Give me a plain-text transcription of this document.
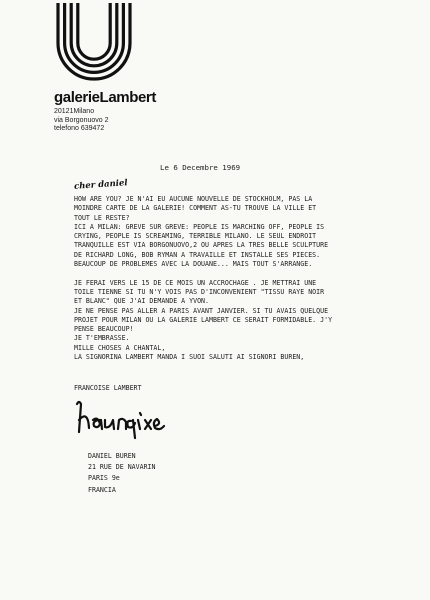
galerieLambert
20121Milano
via Borgonuovo 2
telefono 639472
Le 6 Decembre 1969
cher daniel
HOW ARE YOU? JE N'AI EU AUCUNE NOUVELLE DE STOCKHOLM, PAS LA
MOINDRE CARTE DE LA GALERIE! COMMENT AS-TU TROUVE LA VILLE ET
TOUT LE RESTE?
ICI A MILAN: GREVE SUR GREVE: PEOPLE IS MARCHING OFF, PEOPLE IS
CRYING, PEOPLE IS SCREAMING, TERRIBLE MILANO. LE SEUL ENDROIT
TRANQUILLE EST VIA BORGONUOVO,2 OU APRES LA TRES BELLE SCULPTURE
DE RICHARD LONG, BOB RYMAN A TRAVAILLE ET INSTALLE SES PIECES.
BEAUCOUP DE PROBLEMES AVEC LA DOUANE... MAIS TOUT S'ARRANGE.
JE FERAI VERS LE 15 DE CE MOIS UN ACCROCHAGE . JE METTRAI UNE
TOILE TIENNE SI TU N'Y VOIS PAS D'INCONVENIENT "TISSU RAYE NOIR
ET BLANC" QUE J'AI DEMANDE A YVON.
JE NE PENSE PAS ALLER A PARIS AVANT JANVIER. SI TU AVAIS QUELQUE
PROJET POUR MILAN OU LA GALERIE LAMBERT CE SERAIT FORMIDABLE. J'Y
PENSE BEAUCOUP!
JE T'EMBRASSE.
MILLE CHOSES A CHANTAL,
LA SIGNORINA LAMBERT MANDA I SUOI SALUTI AI SIGNORI BUREN,
FRANCOISE LAMBERT
DANIEL BUREN
21 RUE DE NAVARIN
PARIS 9e
FRANCIA
